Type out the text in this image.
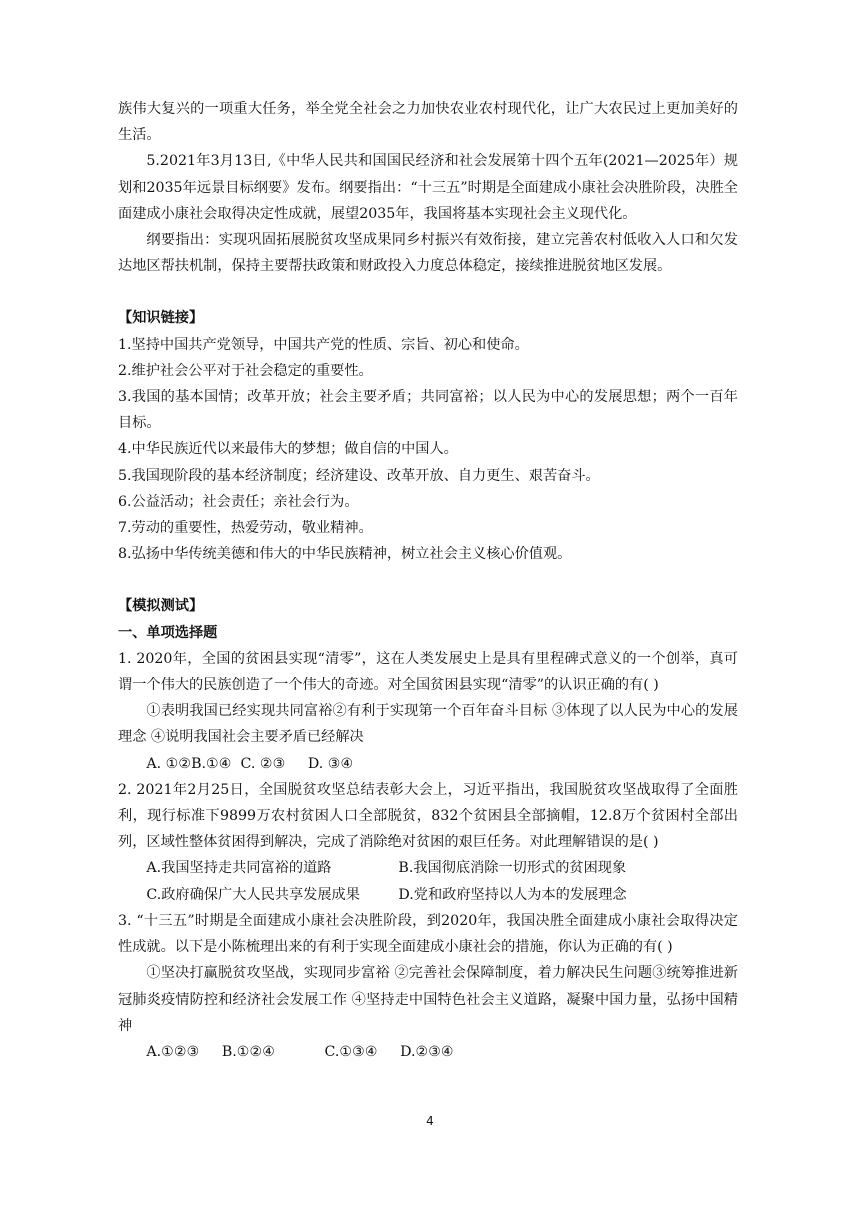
族伟大复兴的一项重大任务，举全党全社会之力加快农业农村现代化，让广大农民过上更加美好的生活。

5.2021年3月13日,《中华人民共和国国民经济和社会发展第十四个五年(2021—2025年）规划和2035年远景目标纲要》发布。纲要指出：“十三五”时期是全面建成小康社会决胜阶段，决胜全面建成小康社会取得决定性成就，展望2035年，我国将基本实现社会主义现代化。

纲要指出：实现巩固拓展脱贫攻坚成果同乡村振兴有效衔接，建立完善农村低收入人口和欠发达地区帮扶机制，保持主要帮扶政策和财政投入力度总体稳定，接续推进脱贫地区发展。

【知识链接】

1.坚持中国共产党领导，中国共产党的性质、宗旨、初心和使命。

2.维护社会公平对于社会稳定的重要性。

3.我国的基本国情；改革开放；社会主要矛盾；共同富裕；以人民为中心的发展思想；两个一百年目标。

4.中华民族近代以来最伟大的梦想；做自信的中国人。

5.我国现阶段的基本经济制度；经济建设、改革开放、自力更生、艰苦奋斗。

6.公益活动；社会责任；亲社会行为。

7.劳动的重要性，热爱劳动，敬业精神。

8.弘扬中华传统美德和伟大的中华民族精神，树立社会主义核心价值观。

【模拟测试】

一、单项选择题

1. 2020年，全国的贫困县实现“清零”，这在人类发展史上是具有里程碑式意义的一个创举，真可谓一个伟大的民族创造了一个伟大的奇迹。对全国贫困县实现“清零”的认识正确的有( )

①表明我国已经实现共同富裕②有利于实现第一个百年奋斗目标 ③体现了以人民为中心的发展理念 ④说明我国社会主要矛盾已经解决

A. ①②B.①④  C. ②③     D. ③④

2. 2021年2月25日，全国脱贫攻坚总结表彰大会上，习近平指出，我国脱贫攻坚战取得了全面胜利，现行标准下9899万农村贫困人口全部脱贫，832个贫困县全部摘帽，12.8万个贫困村全部出列，区域性整体贫困得到解决，完成了消除绝对贫困的艰巨任务。对此理解错误的是( )

A.我国坚持走共同富裕的道路	B.我国彻底消除一切形式的贫困现象
C.政府确保广大人民共享发展成果	D.党和政府坚持以人为本的发展理念

3. “十三五”时期是全面建成小康社会决胜阶段，到2020年，我国决胜全面建成小康社会取得决定性成就。以下是小陈梳理出来的有利于实现全面建成小康社会的措施，你认为正确的有( )

①坚决打赢脱贫攻坚战，实现同步富裕 ②完善社会保障制度，着力解决民生问题③统筹推进新冠肺炎疫情防控和经济社会发展工作 ④坚持走中国特色社会主义道路，凝聚中国力量，弘扬中国精神

A.①②③     B.①②④           C.①③④     D.②③④

4
